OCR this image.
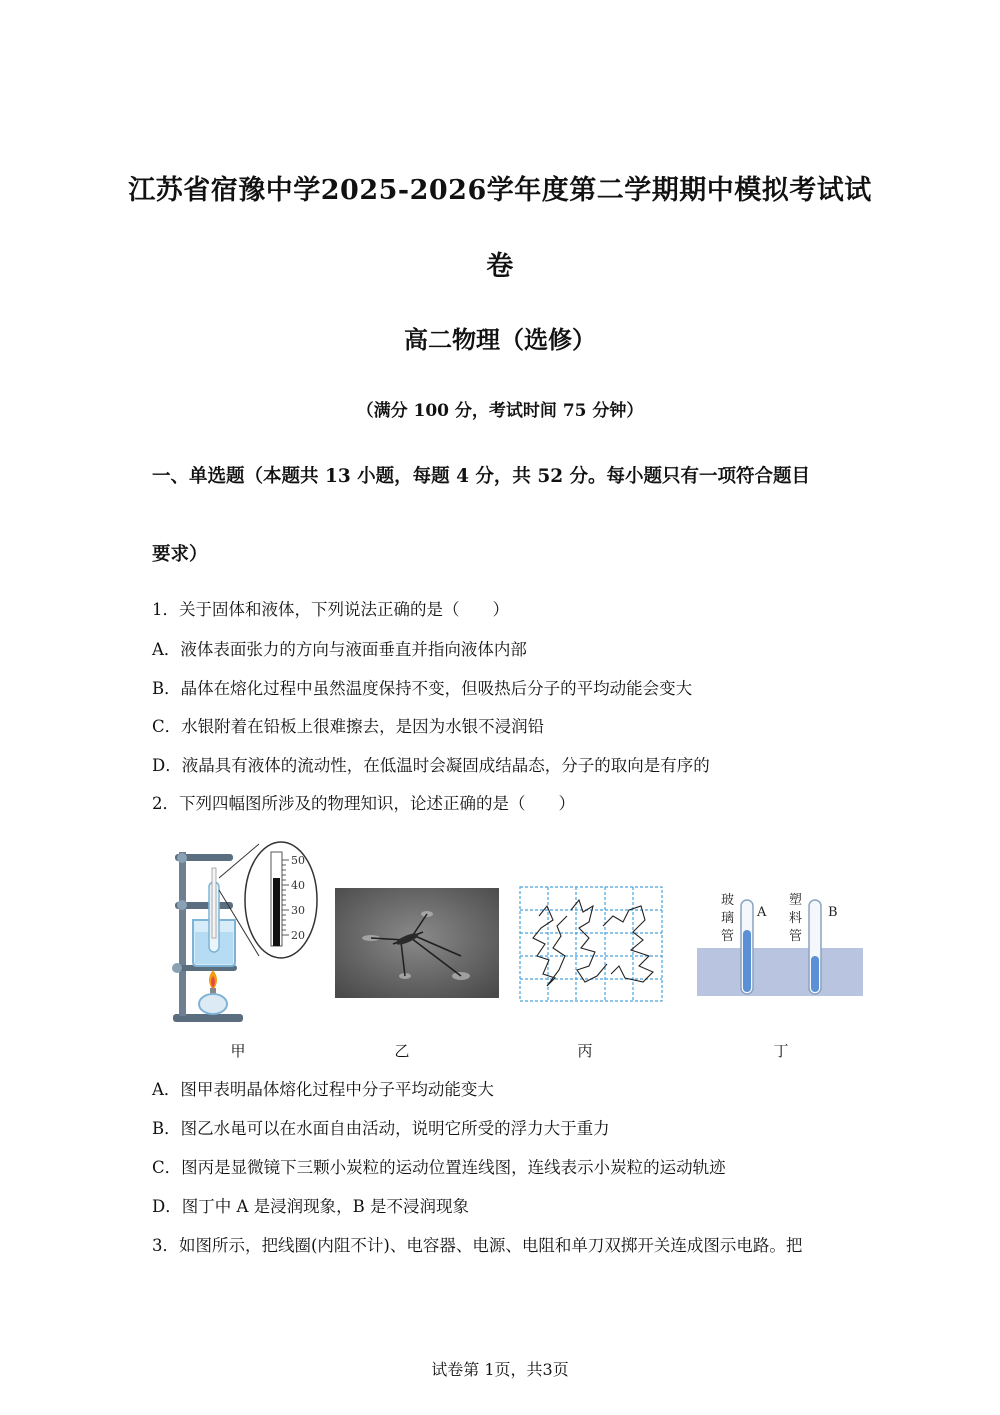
江苏省宿豫中学2025-2026学年度第二学期期中模拟考试试
卷
高二物理（选修）
（满分 100 分，考试时间 75 分钟）
一、单选题（本题共 13 小题，每题 4 分，共 52 分。每小题只有一项符合题目
要求）
1．关于固体和液体，下列说法正确的是（　　）
A．液体表面张力的方向与液面垂直并指向液体内部
B．晶体在熔化过程中虽然温度保持不变，但吸热后分子的平均动能会变大
C．水银附着在铅板上很难擦去，是因为水银不浸润铅
D．液晶具有液体的流动性，在低温时会凝固成结晶态，分子的取向是有序的
2．下列四幅图所涉及的物理知识，论述正确的是（　　）
50
40
30
20
A	B
玻
璃
管
塑
料
管
甲	乙	丙	丁
A．图甲表明晶体熔化过程中分子平均动能变大
B．图乙水黾可以在水面自由活动，说明它所受的浮力大于重力
C．图丙是显微镜下三颗小炭粒的运动位置连线图，连线表示小炭粒的运动轨迹
D．图丁中 A 是浸润现象，B 是不浸润现象
3．如图所示，把线圈(内阻不计)、电容器、电源、电阻和单刀双掷开关连成图示电路。把
试卷第 1页，共3页
